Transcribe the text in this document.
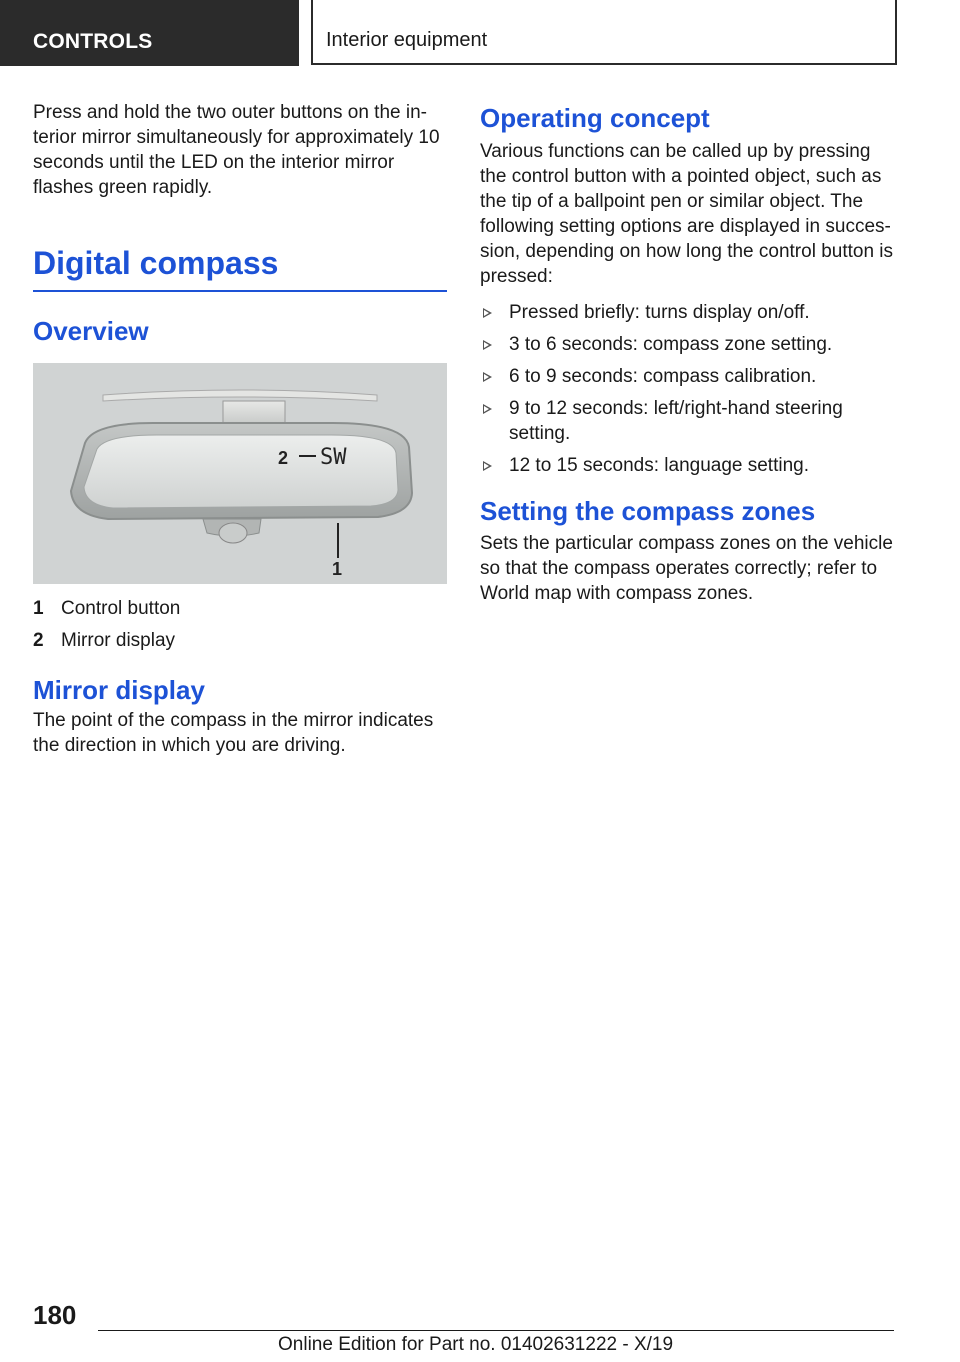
CONTROLS	Interior equipment

Press and hold the two outer buttons on the interior mirror simultaneously for approximately 10 seconds until the LED on the interior mirror flashes green rapidly.

Digital compass
Overview
2 SW
1
1 Control button
2 Mirror display
Mirror display

The point of the compass in the mirror indicates the direction in which you are driving.

Operating concept

Various functions can be called up by pressing the control button with a pointed object, such as the tip of a ballpoint pen or similar object. The following setting options are displayed in succession, depending on how long the control button is pressed:

Pressed briefly: turns display on/off.
3 to 6 seconds: compass zone setting.
6 to 9 seconds: compass calibration.
9 to 12 seconds: left/right-hand steering setting.
12 to 15 seconds: language setting.
Setting the compass zones

Sets the particular compass zones on the vehicle so that the compass operates correctly; refer to World map with compass zones.

180
Online Edition for Part no. 01402631222 - X/19
